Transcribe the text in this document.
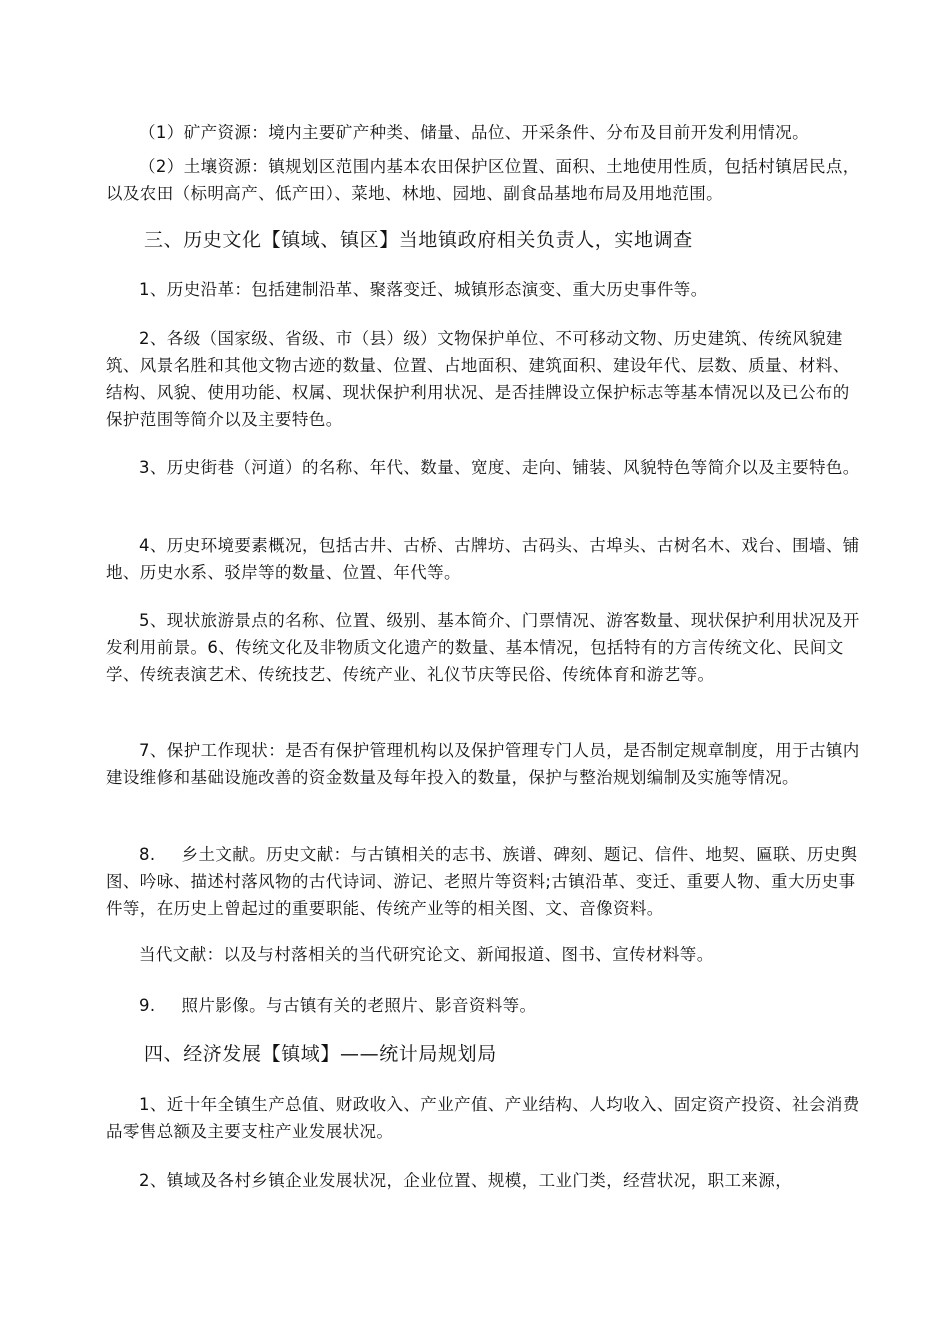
（1）矿产资源：境内主要矿产种类、储量、品位、开采条件、分布及目前开发利用情况。

（2）土壤资源：镇规划区范围内基本农田保护区位置、面积、土地使用性质，包括村镇居民点，以及农田（标明高产、低产田）、菜地、林地、园地、副食品基地布局及用地范围。

三、历史文化【镇域、镇区】当地镇政府相关负责人，实地调查

1、历史沿革：包括建制沿革、聚落变迁、城镇形态演变、重大历史事件等。

2、各级（国家级、省级、市（县）级）文物保护单位、不可移动文物、历史建筑、传统风貌建筑、风景名胜和其他文物古迹的数量、位置、占地面积、建筑面积、建设年代、层数、质量、材料、结构、风貌、使用功能、权属、现状保护利用状况、是否挂牌设立保护标志等基本情况以及已公布的保护范围等简介以及主要特色。

3、历史街巷（河道）的名称、年代、数量、宽度、走向、铺装、风貌特色等简介以及主要特色。

4、历史环境要素概况，包括古井、古桥、古牌坊、古码头、古埠头、古树名木、戏台、围墙、铺地、历史水系、驳岸等的数量、位置、年代等。

5、现状旅游景点的名称、位置、级别、基本简介、门票情况、游客数量、现状保护利用状况及开发利用前景。6、传统文化及非物质文化遗产的数量、基本情况，包括特有的方言传统文化、民间文学、传统表演艺术、传统技艺、传统产业、礼仪节庆等民俗、传统体育和游艺等。

7、保护工作现状：是否有保护管理机构以及保护管理专门人员，是否制定规章制度，用于古镇内建设维修和基础设施改善的资金数量及每年投入的数量，保护与整治规划编制及实施等情况。

8. 乡土文献。历史文献：与古镇相关的志书、族谱、碑刻、题记、信件、地契、匾联、历史舆图、吟咏、描述村落风物的古代诗词、游记、老照片等资料;古镇沿革、变迁、重要人物、重大历史事件等，在历史上曾起过的重要职能、传统产业等的相关图、文、音像资料。

当代文献：以及与村落相关的当代研究论文、新闻报道、图书、宣传材料等。

9. 照片影像。与古镇有关的老照片、影音资料等。

四、经济发展【镇域】——统计局规划局

1、近十年全镇生产总值、财政收入、产业产值、产业结构、人均收入、固定资产投资、社会消费品零售总额及主要支柱产业发展状况。

2、镇域及各村乡镇企业发展状况，企业位置、规模，工业门类，经营状况，职工来源，
